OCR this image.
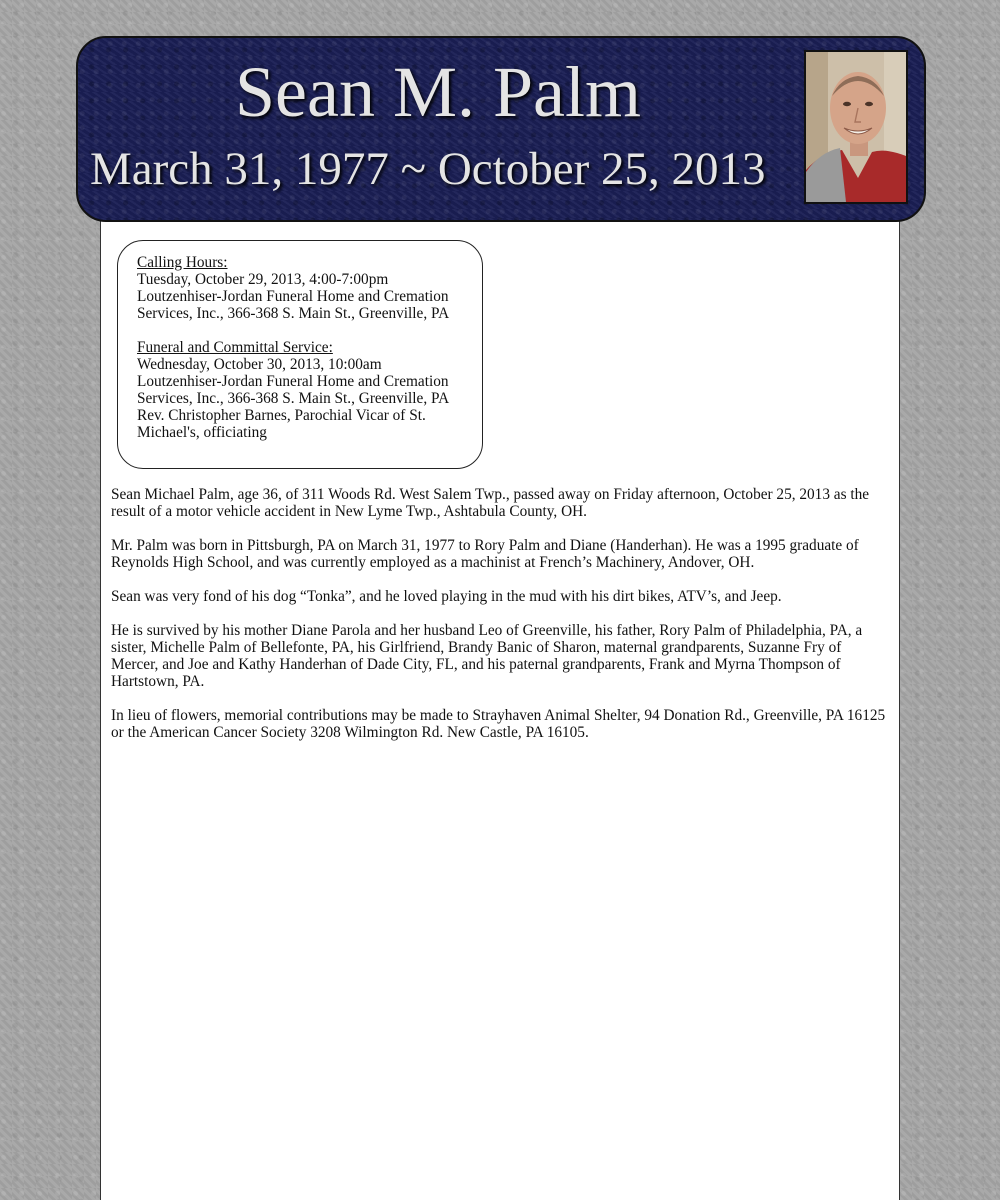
Sean M. Palm
March 31, 1977 ~ October 25, 2013
Calling Hours:
Tuesday, October 29, 2013, 4:00-7:00pm
Loutzenhiser-Jordan Funeral Home and Cremation
Services, Inc., 366-368 S. Main St., Greenville, PA
Funeral and Committal Service:
Wednesday, October 30, 2013, 10:00am
Loutzenhiser-Jordan Funeral Home and Cremation
Services, Inc., 366-368 S. Main St., Greenville, PA
Rev. Christopher Barnes, Parochial Vicar of St.
Michael's, officiating

Sean Michael Palm, age 36, of 311 Woods Rd. West Salem Twp., passed away on Friday afternoon, October 25, 2013 as the result of a motor vehicle accident in New Lyme Twp., Ashtabula County, OH.

Mr. Palm was born in Pittsburgh, PA on March 31, 1977 to Rory Palm and Diane (Handerhan). He was a 1995 graduate of Reynolds High School, and was currently employed as a machinist at French’s Machinery, Andover, OH.

Sean was very fond of his dog “Tonka”, and he loved playing in the mud with his dirt bikes, ATV’s, and Jeep.

He is survived by his mother Diane Parola and her husband Leo of Greenville, his father, Rory Palm of Philadelphia, PA, a sister, Michelle Palm of Bellefonte, PA, his Girlfriend, Brandy Banic of Sharon, maternal grandparents, Suzanne Fry of Mercer, and Joe and Kathy Handerhan of Dade City, FL, and his paternal grandparents, Frank and Myrna Thompson of Hartstown, PA.

In lieu of flowers, memorial contributions may be made to Strayhaven Animal Shelter, 94 Donation Rd., Greenville, PA 16125 or the American Cancer Society 3208 Wilmington Rd. New Castle, PA 16105.
